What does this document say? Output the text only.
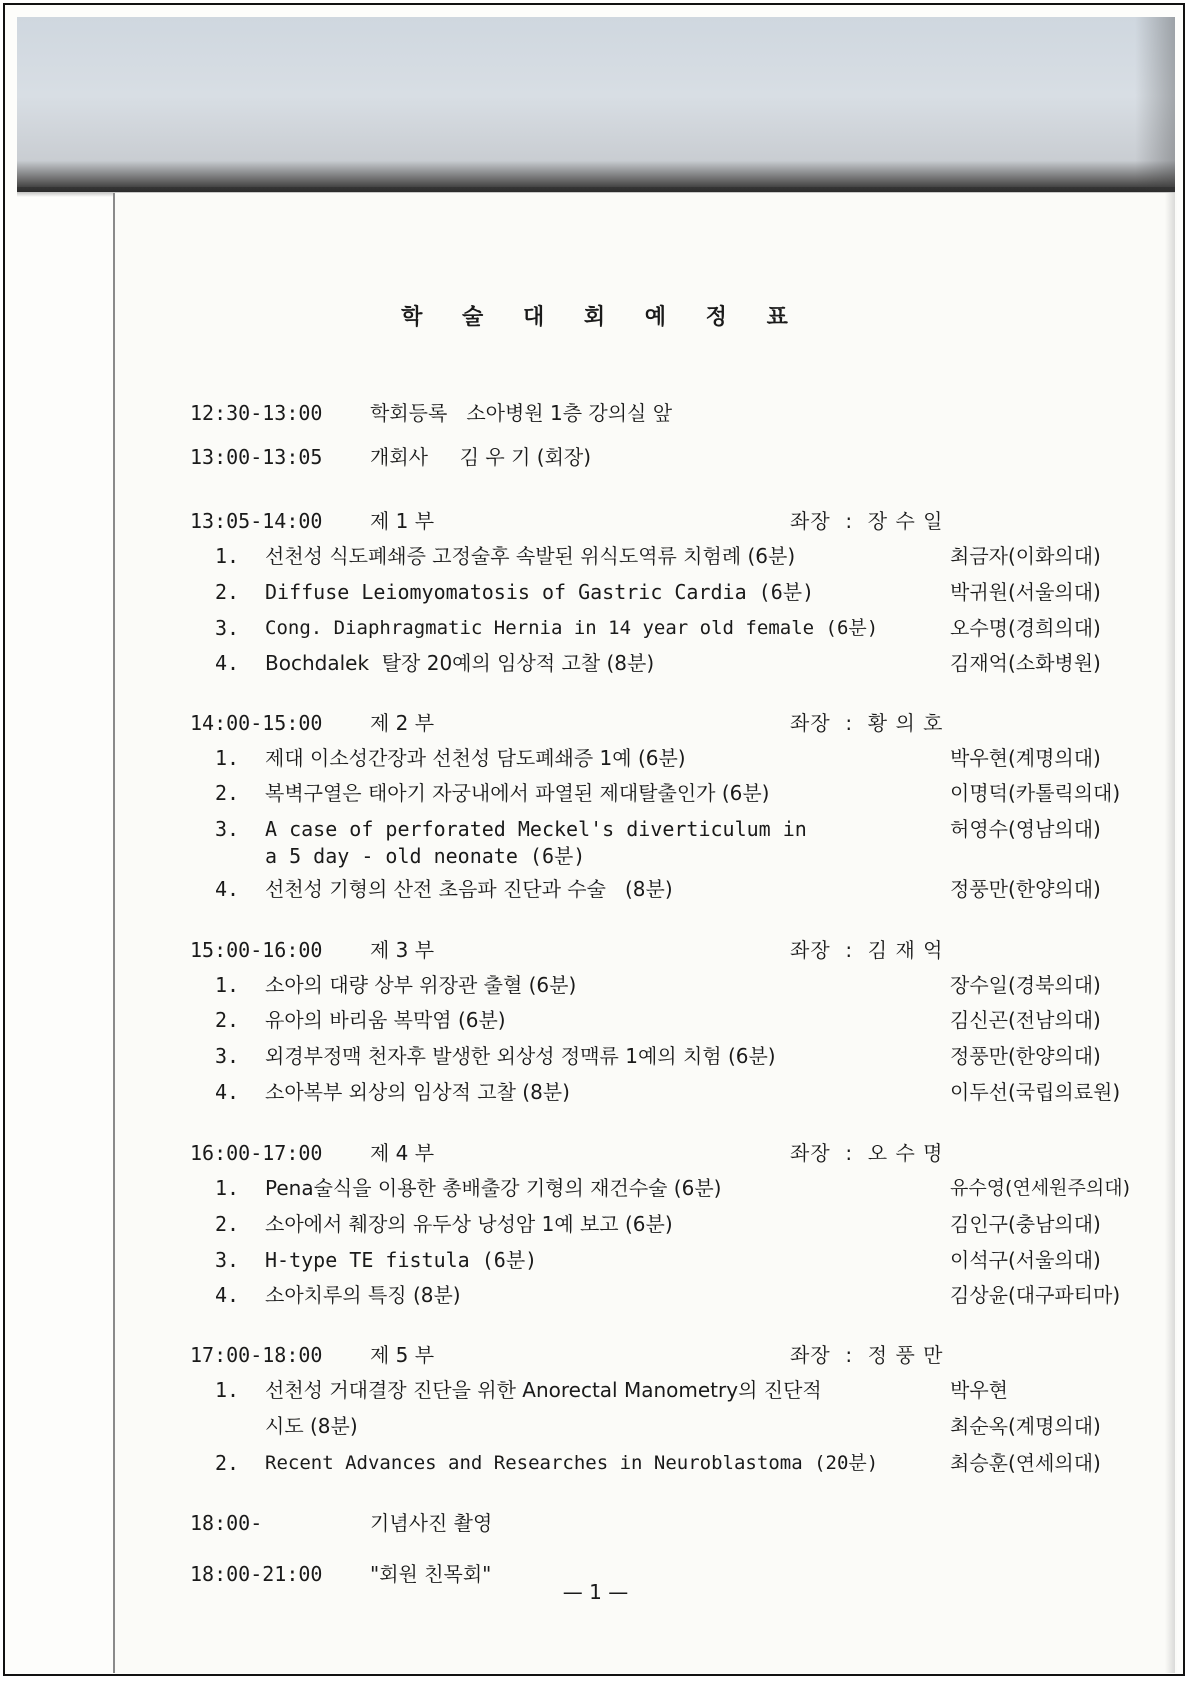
학 술 대 회 예 정 표
12:30-13:00 학회등록   소아병원 1층 강의실 앞
13:00-13:05 개회사     김 우 기 (회장)
13:05-14:00 제 1 부	좌장  :  장 수 일
1. 선천성 식도폐쇄증 고정술후 속발된 위식도역류 치험례 (6분)	최금자(이화의대)
2. Diffuse Leiomyomatosis of Gastric Cardia (6분)	박귀원(서울의대)
3. Cong. Diaphragmatic Hernia in 14 year old female (6분)	오수명(경희의대)
4. Bochdalek  탈장 20예의 임상적 고찰 (8분)	김재억(소화병원)
14:00-15:00 제 2 부	좌장  :  황 의 호
1. 제대 이소성간장과 선천성 담도폐쇄증 1예 (6분)	박우현(계명의대)
2. 복벽구열은 태아기 자궁내에서 파열된 제대탈출인가 (6분)	이명덕(카톨릭의대)
3. A case of perforated Meckel's diverticulum in	허영수(영남의대)
a 5 day - old neonate (6분)
4. 선천성 기형의 산전 초음파 진단과 수술   (8분)	정풍만(한양의대)
15:00-16:00 제 3 부	좌장  :  김 재 억
1. 소아의 대량 상부 위장관 출혈 (6분)	장수일(경북의대)
2. 유아의 바리움 복막염 (6분)	김신곤(전남의대)
3. 외경부정맥 천자후 발생한 외상성 정맥류 1예의 치험 (6분)	정풍만(한양의대)
4. 소아복부 외상의 임상적 고찰 (8분)	이두선(국립의료원)
16:00-17:00 제 4 부	좌장  :  오 수 명
1. Pena술식을 이용한 총배출강 기형의 재건수술 (6분)	유수영(연세원주의대)
2. 소아에서 췌장의 유두상 낭성암 1예 보고 (6분)	김인구(충남의대)
3. H-type TE fistula (6분)	이석구(서울의대)
4. 소아치루의 특징 (8분)	김상윤(대구파티마)
17:00-18:00 제 5 부	좌장  :  정 풍 만
1. 선천성 거대결장 진단을 위한 Anorectal Manometry의 진단적	박우현
시도 (8분)	최순옥(계명의대)
2. Recent Advances and Researches in Neuroblastoma (20분)	최승훈(연세의대)
18:00-	기념사진 촬영
18:00-21:00 "회원 친목회"
— 1 —
